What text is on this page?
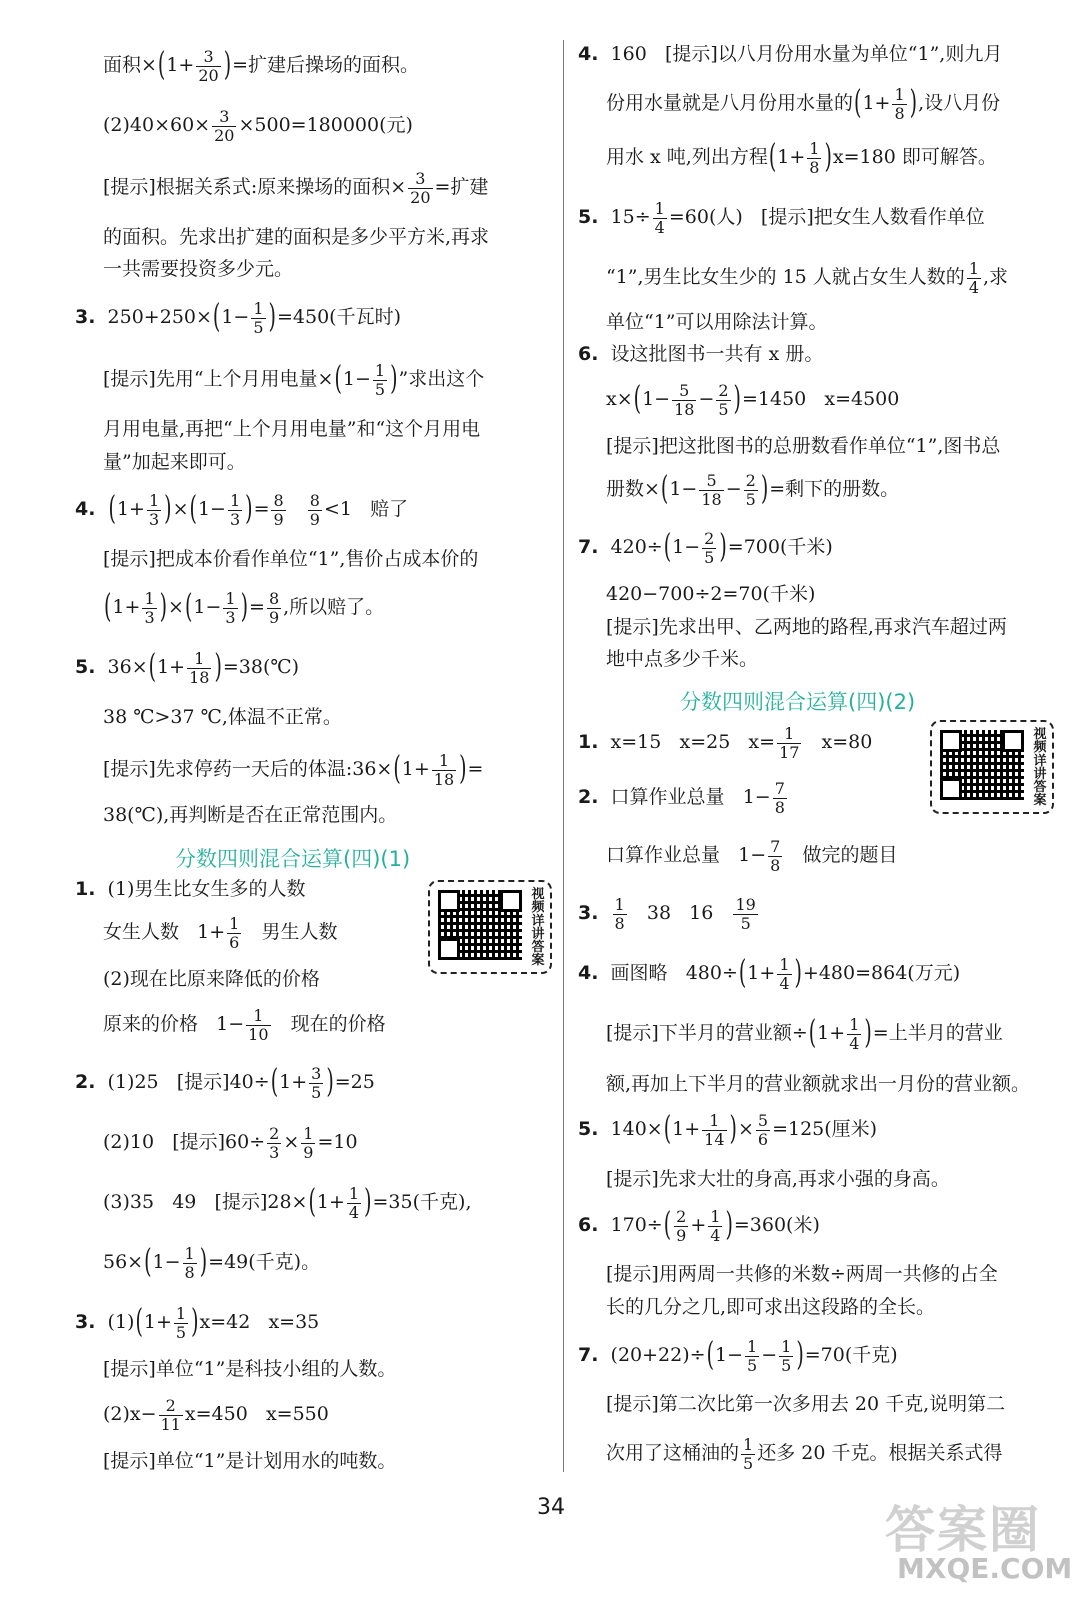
面积$\times(1+ \frac{3}{20}$ )=扩建后操场的面积。
$(2)40\times 60\times \frac{3}{20} \times 500=180000$(元)
[提示]根据关系式:原来操场的面积× $\frac{3}{20}$ =扩建
的面积。先求出扩建的面积是多少平方米,再求
一共需要投资多少元。
3. $250+250\times(1- \frac{1}{5} )=450$(千瓦时)
[提示]先用“上个月用电量$\times(1- \frac{1}{5}$ )”求出这个
月用电量,再把“上个月用电量”和“这个月用电
量”加起来即可。
4. $(1+ \frac{1}{3} )\times(1- \frac{1}{3}$ )= $\frac{8}{9}$
$\frac{8}{9} <1$ 赔了
[提示]把成本价看作单位“1”,售价占成本价的
$(1+ \frac{1}{3} )\times(1- \frac{1}{3}$ )= $\frac{8}{9}$ ,所以赔了。
5. $36\times(1+ \frac{1}{18}$ )=38(℃)
38 ℃>37 ℃,体温不正常。
[提示]先求停药一天后的体温:36×(1+ $\frac{1}{18}$ )=
38(℃),再判断是否在正常范围内。
分数四则混合运算(四)(1)
1. (1)男生比女生多的人数
女生人数 $1+ \frac{1}{6}$ 男生人数
(2)现在比原来降低的价格
原来的价格 $1- \frac{1}{10}$ 现在的价格
视频详讲答案
2. (1)25 [提示]$40\div(1+ \frac{3}{5} )=25$
(2)10 [提示]$60\div \frac{2}{3} \times \frac{1}{9} =10$
(3)35 49 [提示]$28\times(1+ \frac{1}{4} )=35$(千克),
$56\times(1- \frac{1}{8} )=49$(千克)。
3. $(1)(1+ \frac{1}{5} )x=42$ x=35
[提示]单位“1”是科技小组的人数。
$(2)x- \frac{2}{11} x=450$ x=550
[提示]单位“1”是计划用水的吨数。
4. 160 [提示]以八月份用水量为单位“1”,则九月
份用水量就是八月份用水量的($1+ \frac{1}{8}$ ),设八月份
用水 x 吨,列出方程$(1+ \frac{1}{8} )x=180$ 即可解答。
5. $15\div \frac{1}{4} =60$(人) [提示]把女生人数看作单位
“1”,男生比女生少的 15 人就占女生人数的 $\frac{1}{4}$ ,求
单位“1”可以用除法计算。
6. 设这批图书一共有 x 册。
$x\times(1- \frac{5}{18} - \frac{2}{5} )=1450$ x=4500
[提示]把这批图书的总册数看作单位“1”,图书总
册数$\times(1- \frac{5}{18} - \frac{2}{5}$ )=剩下的册数。
7. $420\div(1- \frac{2}{5} )=700$(千米)
420−700÷2=70(千米)
[提示]先求出甲、乙两地的路程,再求汽车超过两
地中点多少千米。
分数四则混合运算(四)(2)
视频详讲答案
1. x=15 x=25 $x= \frac{1}{17} x=80$
2. 口算作业总量 $1- \frac{7}{8}$
口算作业总量 $1- \frac{7}{8}$ 做完的题目
3. $\frac{1}{8} 38$ $16 \frac{19}{5}$
4. 画图略 $480\div(1+ \frac{1}{4} )+480=864$(万元)
[提示]下半月的营业额$\div(1+ \frac{1}{4}$ )=上半月的营业
额,再加上下半月的营业额就求出一月份的营业额。
5. $140\times(1+ \frac{1}{14}$ )× $\frac{5}{6} =125$(厘米)
[提示]先求大壮的身高,再求小强的身高。
6. $170\div( \frac{2}{9} + \frac{1}{4} )=360$(米)
[提示]用两周一共修的米数÷两周一共修的占全
长的几分之几,即可求出这段路的全长。
7. $(20+22)\div(1- \frac{1}{5} - \frac{1}{5} )=70$(千克)
[提示]第二次比第一次多用去 20 千克,说明第二
次用了这桶油的 $\frac{1}{5}$ 还多 20 千克。根据关系式得
34	答案圈
MXQE.COM
